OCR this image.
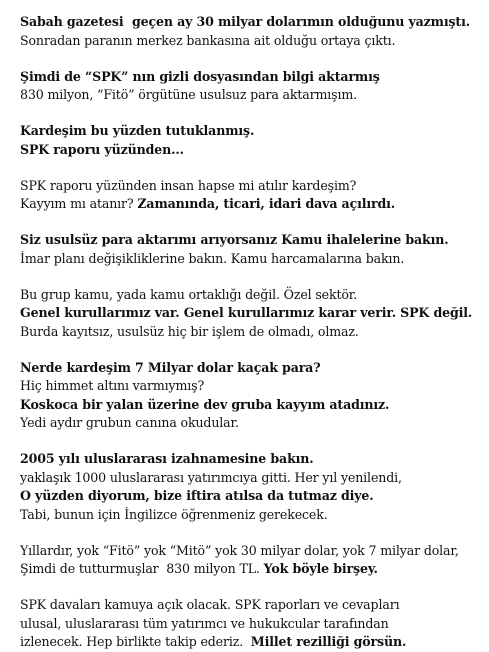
Sabah gazetesi  geçen ay 30 milyar dolarımın olduğunu yazmıştı.
Sonradan paranın merkez bankasına ait olduğu ortaya çıktı.
Şimdi de “SPK” nın gizli dosyasından bilgi aktarmış
830 milyon, “Fitö” örgütüne usulsuz para aktarmışım.
Kardeşim bu yüzden tutuklanmış.
SPK raporu yüzünden...
SPK raporu yüzünden insan hapse mi atılır kardeşim?
Kayyım mı atanır? Zamanında, ticari, idari dava açılırdı.
Siz usulsüz para aktarımı arıyorsanız Kamu ihalelerine bakın.
İmar planı değişikliklerine bakın. Kamu harcamalarına bakın.
Bu grup kamu, yada kamu ortaklığı değil. Özel sektör.
Genel kurullarımız var. Genel kurullarımız karar verir. SPK değil.
Burda kayıtsız, usulsüz hiç bir işlem de olmadı, olmaz.
Nerde kardeşim 7 Milyar dolar kaçak para?
Hiç himmet altını varmıymış?
Koskoca bir yalan üzerine dev gruba kayyım atadınız.
Yedi aydır grubun canına okudular.
2005 yılı uluslararası izahnamesine bakın.
yaklaşık 1000 uluslararası yatırımcıya gitti. Her yıl yenilendi,
O yüzden diyorum, bize iftira atılsa da tutmaz diye.
Tabi, bunun için İngilizce öğrenmeniz gerekecek.
Yıllardır, yok “Fitö” yok “Mitö” yok 30 milyar dolar, yok 7 milyar dolar,
Şimdi de tutturmuşlar  830 milyon TL. Yok böyle birşey.
SPK davaları kamuya açık olacak. SPK raporları ve cevapları
ulusal, uluslararası tüm yatırımcı ve hukukcular tarafından
izlenecek. Hep birlikte takip ederiz.  Millet rezilliği görsün.
